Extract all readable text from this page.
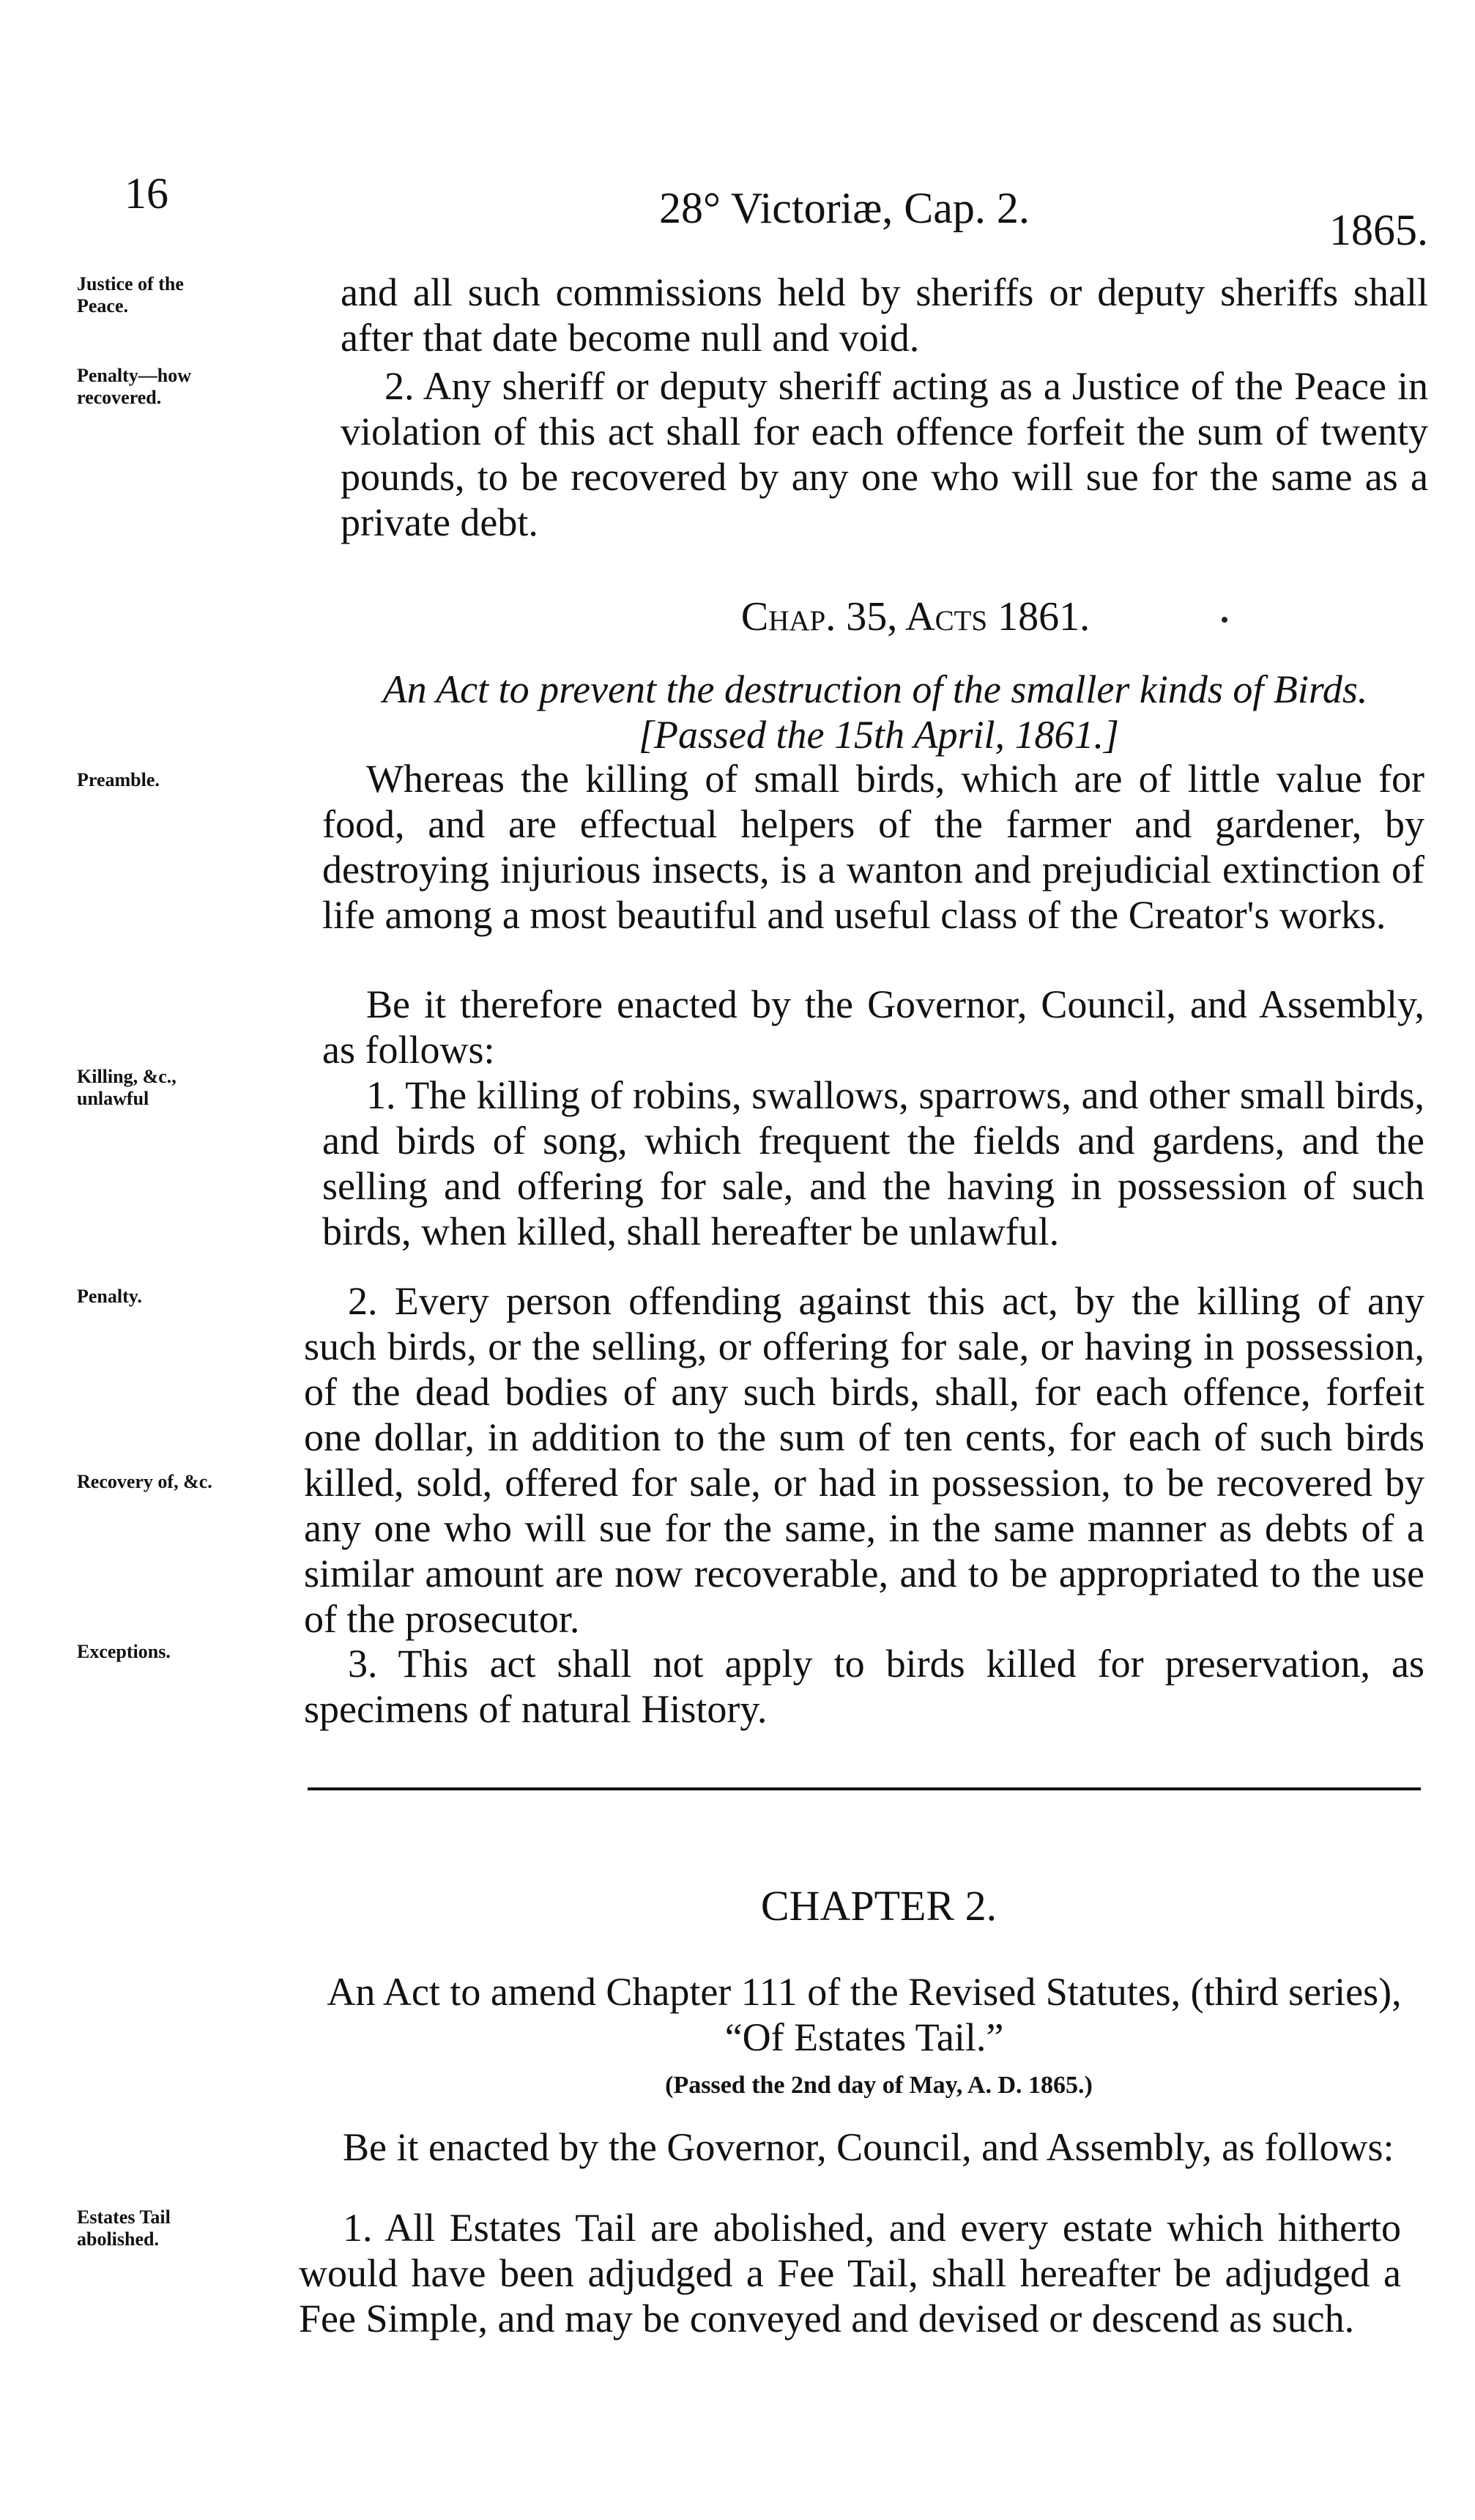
16	28° Victoriæ, Cap. 2.	1865.
Justice of the Peace.	and all such commissions held by sheriffs or deputy sheriffs shall after that date become null and void.
Penalty—how recovered.	2. Any sheriff or deputy sheriff acting as a Justice of the Peace in violation of this act shall for each offence forfeit the sum of twenty pounds, to be recovered by any one who will sue for the same as a private debt.
Chap. 35, Acts 1861.
An Act to prevent the destruction of the smaller kinds of Birds.
[Passed the 15th April, 1861.]
Preamble.	Whereas the killing of small birds, which are of little value for food, and are effectual helpers of the farmer and gardener, by destroying injurious insects, is a wanton and prejudicial extinction of life among a most beautiful and useful class of the Creator's works.
Be it therefore enacted by the Governor, Council, and Assembly, as follows:
Killing, &c., unlawful	1. The killing of robins, swallows, sparrows, and other small birds, and birds of song, which frequent the fields and gardens, and the selling and offering for sale, and the having in possession of such birds, when killed, shall hereafter be unlawful.
Penalty.	2. Every person offending against this act, by the killing of any such birds, or the selling, or offering for sale, or having in possession, of the dead bodies of any such birds, shall, for each offence, forfeit one dollar, in addition to the sum of ten cents, for each of such birds killed, sold, offered for sale, or had in possession, to be recovered by any one who will sue for the same, in the same manner as debts of a similar amount are now recoverable, and to be appropriated to the use of the prosecutor.
Recovery of, &c.
Exceptions.	3. This act shall not apply to birds killed for preservation, as specimens of natural History.
CHAPTER 2.
An Act to amend Chapter 111 of the Revised Statutes, (third series), “Of Estates Tail.”
(Passed the 2nd day of May, A. D. 1865.)
Be it enacted by the Governor, Council, and Assembly, as follows:
Estates Tail abolished.	1. All Estates Tail are abolished, and every estate which hitherto would have been adjudged a Fee Tail, shall hereafter be adjudged a Fee Simple, and may be conveyed and devised or descend as such.
